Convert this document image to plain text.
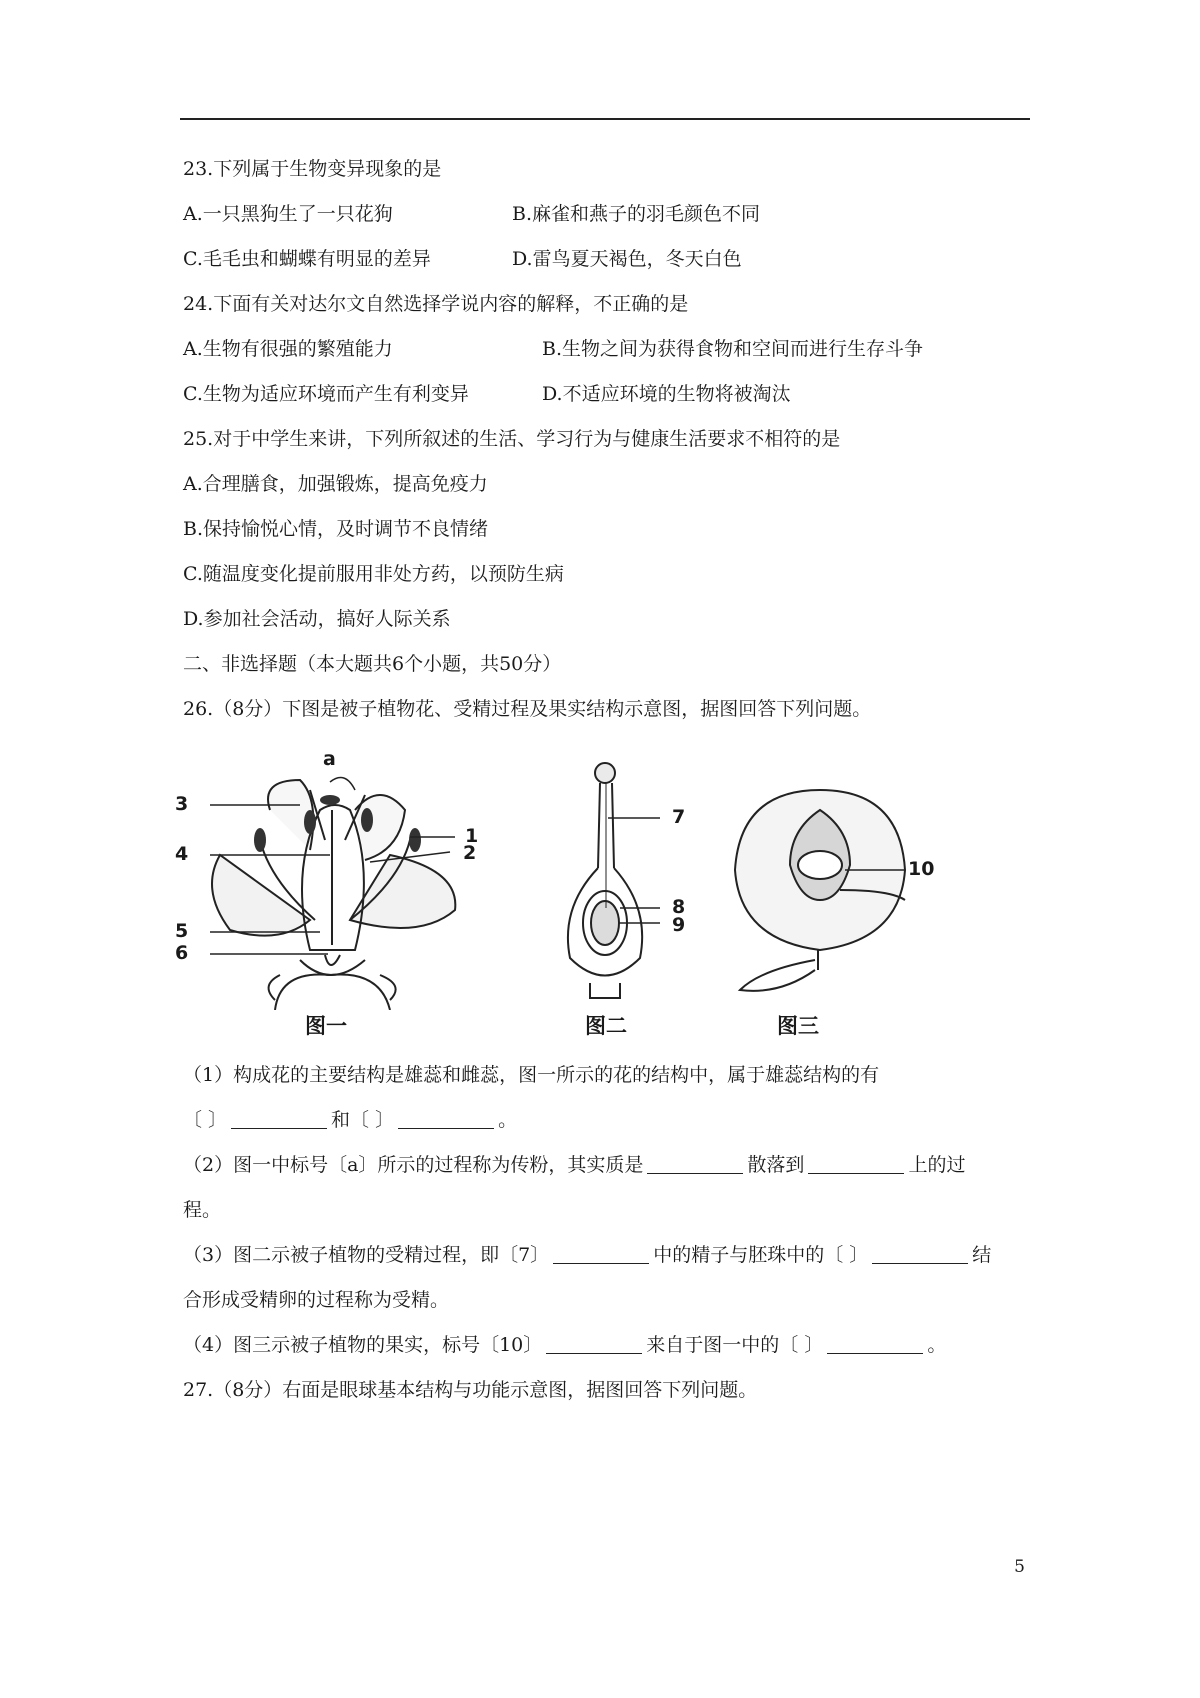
23.下列属于生物变异现象的是
A.一只黑狗生了一只花狗	B.麻雀和燕子的羽毛颜色不同
C.毛毛虫和蝴蝶有明显的差异	D.雷鸟夏天褐色，冬天白色
24.下面有关对达尔文自然选择学说内容的解释，不正确的是
A.生物有很强的繁殖能力	B.生物之间为获得食物和空间而进行生存斗争
C.生物为适应环境而产生有利变异	D.不适应环境的生物将被淘汰
25.对于中学生来讲，下列所叙述的生活、学习行为与健康生活要求不相符的是
A.合理膳食，加强锻炼，提高免疫力
B.保持愉悦心情，及时调节不良情绪
C.随温度变化提前服用非处方药，以预防生病
D.参加社会活动，搞好人际关系
二、非选择题（本大题共6个小题，共50分）
26.（8分）下图是被子植物花、受精过程及果实结构示意图，据图回答下列问题。
a
3
1
4	2
5
6
图一
7
8
9
图二
10
图三
（1）构成花的主要结构是雄蕊和雌蕊，图一所示的花的结构中，属于雄蕊结构的有
〔 〕	和〔 〕	。
（2）图一中标号〔a〕所示的过程称为传粉，其实质是	散落到	上的过
程。
（3）图二示被子植物的受精过程，即〔7〕	中的精子与胚珠中的〔 〕	结
合形成受精卵的过程称为受精。
（4）图三示被子植物的果实，标号〔10〕	来自于图一中的〔 〕	。
27.（8分）右面是眼球基本结构与功能示意图，据图回答下列问题。
5
